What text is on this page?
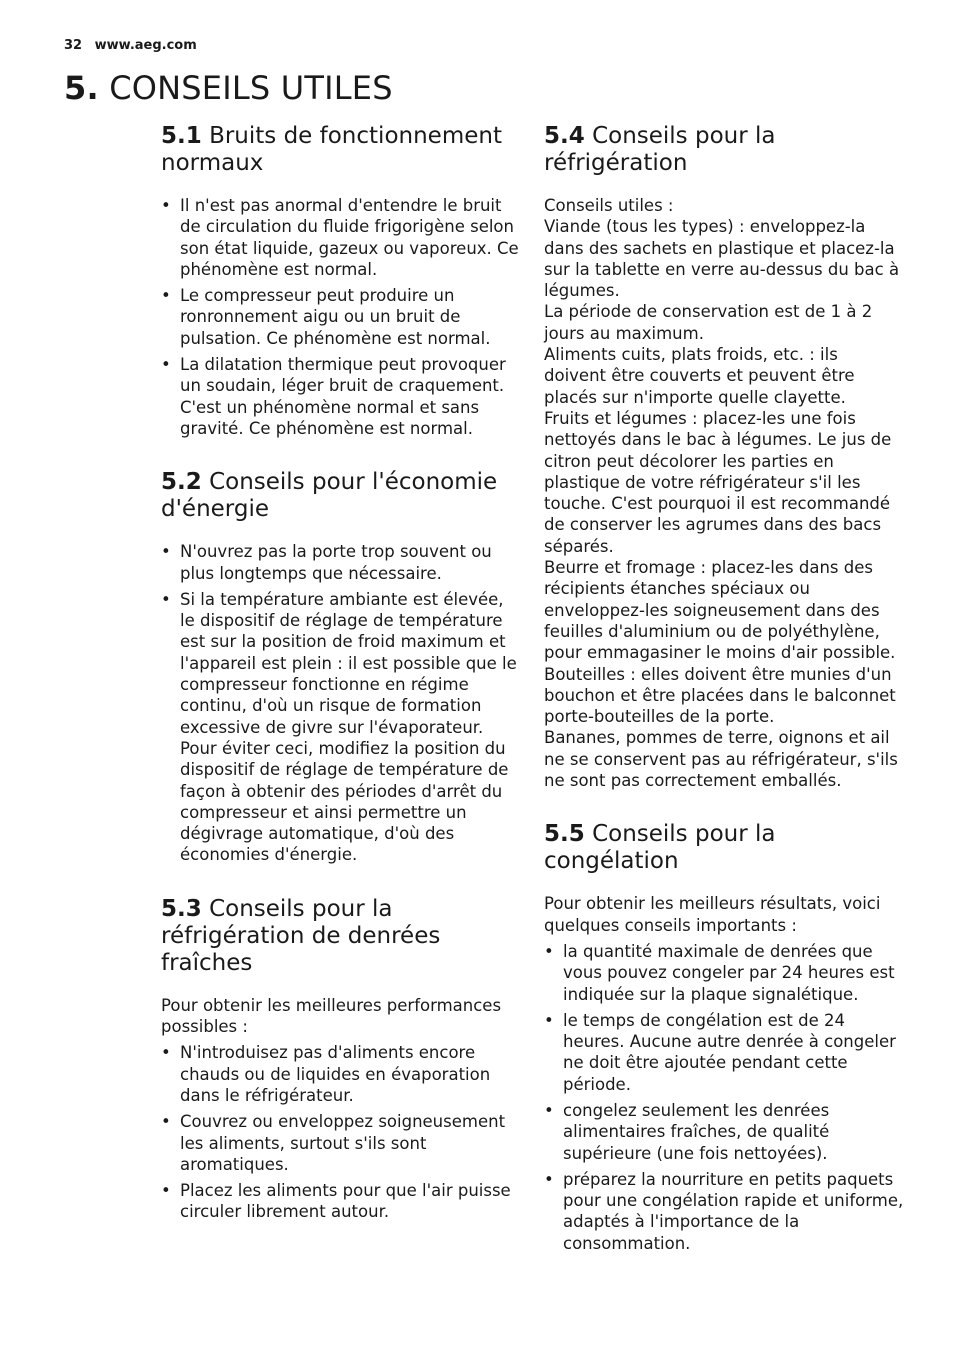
32 www.aeg.com
5. CONSEILS UTILES
5.1 Bruits de fonctionnement normaux
• Il n'est pas anormal d'entendre le bruit de circulation du fluide frigorigène selon son état liquide, gazeux ou vaporeux. Ce phénomène est normal.
• Le compresseur peut produire un ronronnement aigu ou un bruit de pulsation. Ce phénomène est normal.
• La dilatation thermique peut provoquer un soudain, léger bruit de craquement. C'est un phénomène normal et sans gravité. Ce phénomène est normal.
5.2 Conseils pour l'économie d'énergie
• N'ouvrez pas la porte trop souvent ou plus longtemps que nécessaire.
• Si la température ambiante est élevée, le dispositif de réglage de température est sur la position de froid maximum et l'appareil est plein : il est possible que le compresseur fonctionne en régime continu, d'où un risque de formation excessive de givre sur l'évaporateur. Pour éviter ceci, modifiez la position du dispositif de réglage de température de façon à obtenir des périodes d'arrêt du compresseur et ainsi permettre un dégivrage automatique, d'où des économies d'énergie.
5.3 Conseils pour la réfrigération de denrées fraîches

Pour obtenir les meilleures performances possibles :

• N'introduisez pas d'aliments encore chauds ou de liquides en évaporation dans le réfrigérateur.
• Couvrez ou enveloppez soigneusement les aliments, surtout s'ils sont aromatiques.
• Placez les aliments pour que l'air puisse circuler librement autour.
5.4 Conseils pour la réfrigération

Conseils utiles :

Viande (tous les types) : enveloppez-la dans des sachets en plastique et placez-la sur la tablette en verre au-dessus du bac à légumes.

La période de conservation est de 1 à 2 jours au maximum.

Aliments cuits, plats froids, etc. : ils doivent être couverts et peuvent être placés sur n'importe quelle clayette.

Fruits et légumes : placez-les une fois nettoyés dans le bac à légumes. Le jus de citron peut décolorer les parties en plastique de votre réfrigérateur s'il les touche. C'est pourquoi il est recommandé de conserver les agrumes dans des bacs séparés.

Beurre et fromage : placez-les dans des récipients étanches spéciaux ou enveloppez-les soigneusement dans des feuilles d'aluminium ou de polyéthylène, pour emmagasiner le moins d'air possible.

Bouteilles : elles doivent être munies d'un bouchon et être placées dans le balconnet porte-bouteilles de la porte.

Bananes, pommes de terre, oignons et ail ne se conservent pas au réfrigérateur, s'ils ne sont pas correctement emballés.

5.5 Conseils pour la congélation

Pour obtenir les meilleurs résultats, voici quelques conseils importants :

• la quantité maximale de denrées que vous pouvez congeler par 24 heures est indiquée sur la plaque signalétique.
• le temps de congélation est de 24 heures. Aucune autre denrée à congeler ne doit être ajoutée pendant cette période.
• congelez seulement les denrées alimentaires fraîches, de qualité supérieure (une fois nettoyées).
• préparez la nourriture en petits paquets pour une congélation rapide et uniforme, adaptés à l'importance de la consommation.
